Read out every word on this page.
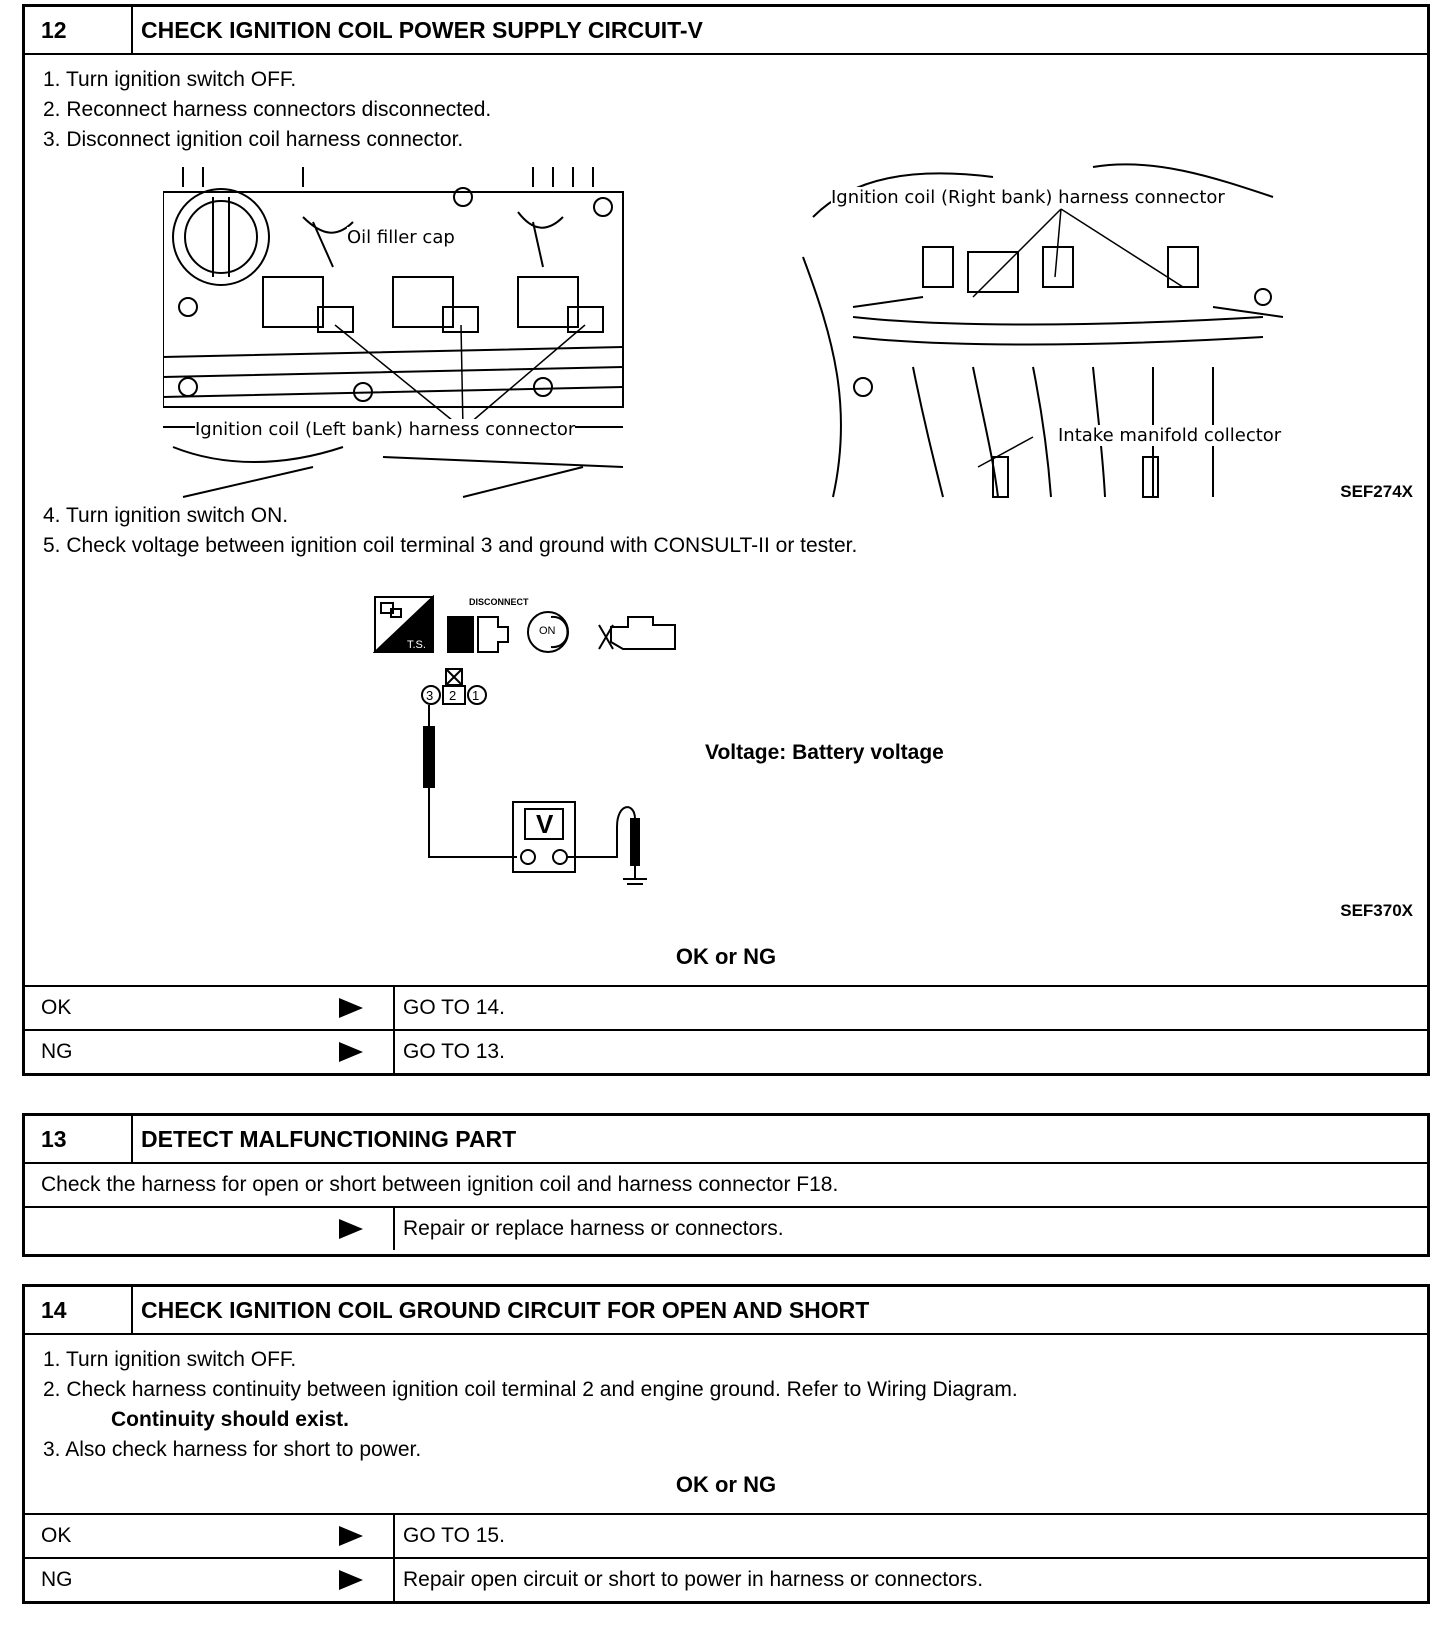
12	CHECK IGNITION COIL POWER SUPPLY CIRCUIT-V
1. Turn ignition switch OFF.
2. Reconnect harness connectors disconnected.
3. Disconnect ignition coil harness connector.
Oil filler cap
Ignition coil (Left bank) harness connector
Ignition coil (Right bank) harness connector
Intake manifold collector
SEF274X
4. Turn ignition switch ON.
5. Check voltage between ignition coil terminal 3 and ground with CONSULT-II or tester.
T.S.
DISCONNECT
ON
3 2 1
V
Voltage: Battery voltage
SEF370X
OK or NG
OK	GO TO 14.
NG	GO TO 13.
13	DETECT MALFUNCTIONING PART
Check the harness for open or short between ignition coil and harness connector F18.
Repair or replace harness or connectors.
14	CHECK IGNITION COIL GROUND CIRCUIT FOR OPEN AND SHORT
1. Turn ignition switch OFF.
2. Check harness continuity between ignition coil terminal 2 and engine ground. Refer to Wiring Diagram.
Continuity should exist.
3. Also check harness for short to power.
OK or NG
OK	GO TO 15.
NG	Repair open circuit or short to power in harness or connectors.
